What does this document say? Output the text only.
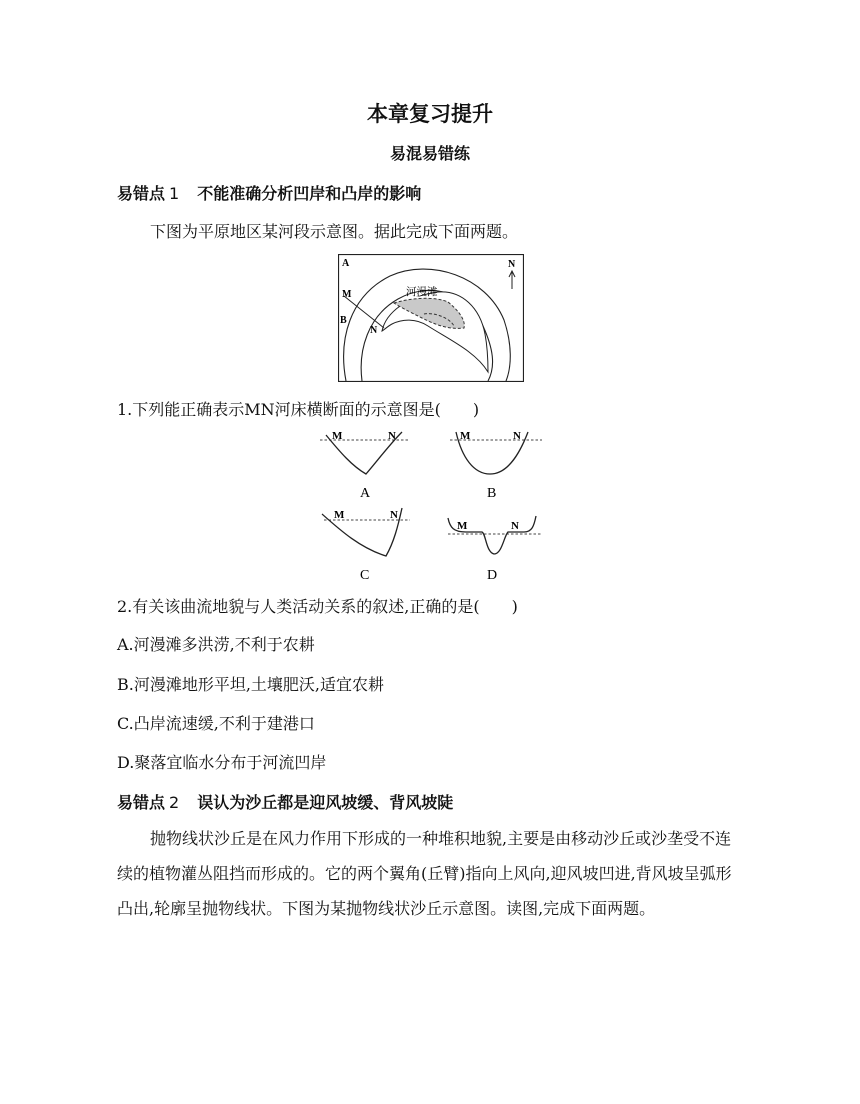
本章复习提升
易混易错练
易错点 1 不能准确分析凹岸和凸岸的影响
下图为平原地区某河段示意图。据此完成下面两题。
A
M
B
N
河漫滩
N
1.下列能正确表示MN河床横断面的示意图是(　　)
M	N
A
M	N
B
M	N
C
M	N
D
2.有关该曲流地貌与人类活动关系的叙述,正确的是(　　)
A.河漫滩多洪涝,不利于农耕
B.河漫滩地形平坦,土壤肥沃,适宜农耕
C.凸岸流速缓,不利于建港口
D.聚落宜临水分布于河流凹岸
易错点 2 误认为沙丘都是迎风坡缓、背风坡陡
抛物线状沙丘是在风力作用下形成的一种堆积地貌,主要是由移动沙丘或沙垄受不连续的植物灌丛阻挡而形成的。它的两个翼角(丘臂)指向上风向,迎风坡凹进,背风坡呈弧形凸出,轮廓呈抛物线状。下图为某抛物线状沙丘示意图。读图,完成下面两题。
